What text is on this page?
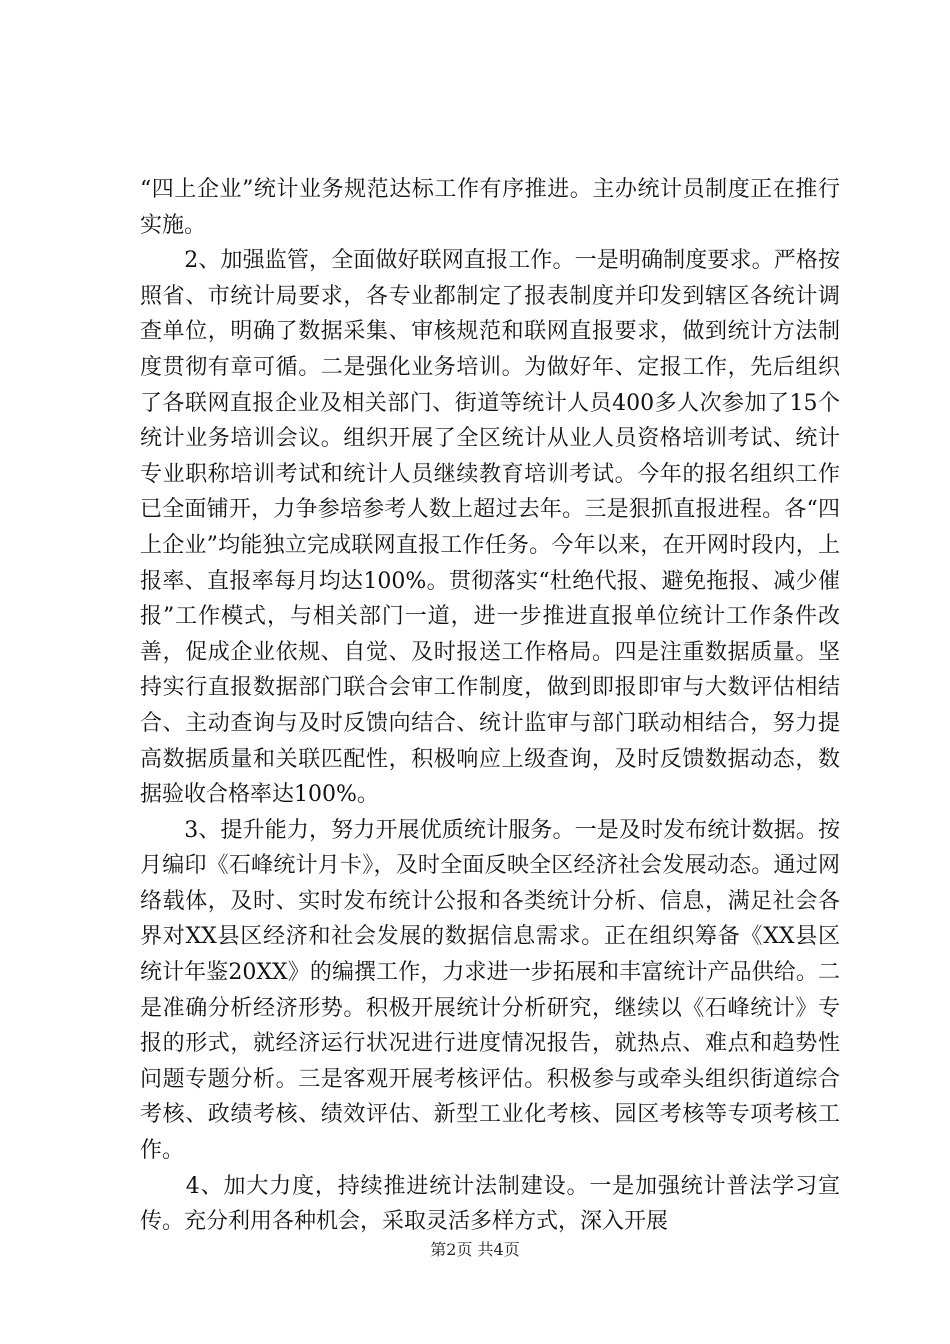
“四上企业”统计业务规范达标工作有序推进。主办统计员制度正在推行实施。

　　2、加强监管，全面做好联网直报工作。一是明确制度要求。严格按照省、市统计局要求，各专业都制定了报表制度并印发到辖区各统计调查单位，明确了数据采集、审核规范和联网直报要求，做到统计方法制度贯彻有章可循。二是强化业务培训。为做好年、定报工作，先后组织了各联网直报企业及相关部门、街道等统计人员400多人次参加了15个统计业务培训会议。组织开展了全区统计从业人员资格培训考试、统计专业职称培训考试和统计人员继续教育培训考试。今年的报名组织工作已全面铺开，力争参培参考人数上超过去年。三是狠抓直报进程。各“四上企业”均能独立完成联网直报工作任务。今年以来，在开网时段内，上报率、直报率每月均达100%。贯彻落实“杜绝代报、避免拖报、减少催报”工作模式，与相关部门一道，进一步推进直报单位统计工作条件改善，促成企业依规、自觉、及时报送工作格局。四是注重数据质量。坚持实行直报数据部门联合会审工作制度，做到即报即审与大数评估相结合、主动查询与及时反馈向结合、统计监审与部门联动相结合，努力提高数据质量和关联匹配性，积极响应上级查询，及时反馈数据动态，数据验收合格率达100%。

　　3、提升能力，努力开展优质统计服务。一是及时发布统计数据。按月编印《石峰统计月卡》，及时全面反映全区经济社会发展动态。通过网络载体，及时、实时发布统计公报和各类统计分析、信息，满足社会各界对XX县区经济和社会发展的数据信息需求。正在组织筹备《XX县区统计年鉴20XX》的编撰工作，力求进一步拓展和丰富统计产品供给。二是准确分析经济形势。积极开展统计分析研究，继续以《石峰统计》专报的形式，就经济运行状况进行进度情况报告，就热点、难点和趋势性问题专题分析。三是客观开展考核评估。积极参与或牵头组织街道综合考核、政绩考核、绩效评估、新型工业化考核、园区考核等专项考核工作。

　　4、加大力度，持续推进统计法制建设。一是加强统计普法学习宣传。充分利用各种机会，采取灵活多样方式，深入开展

第2页 共4页
